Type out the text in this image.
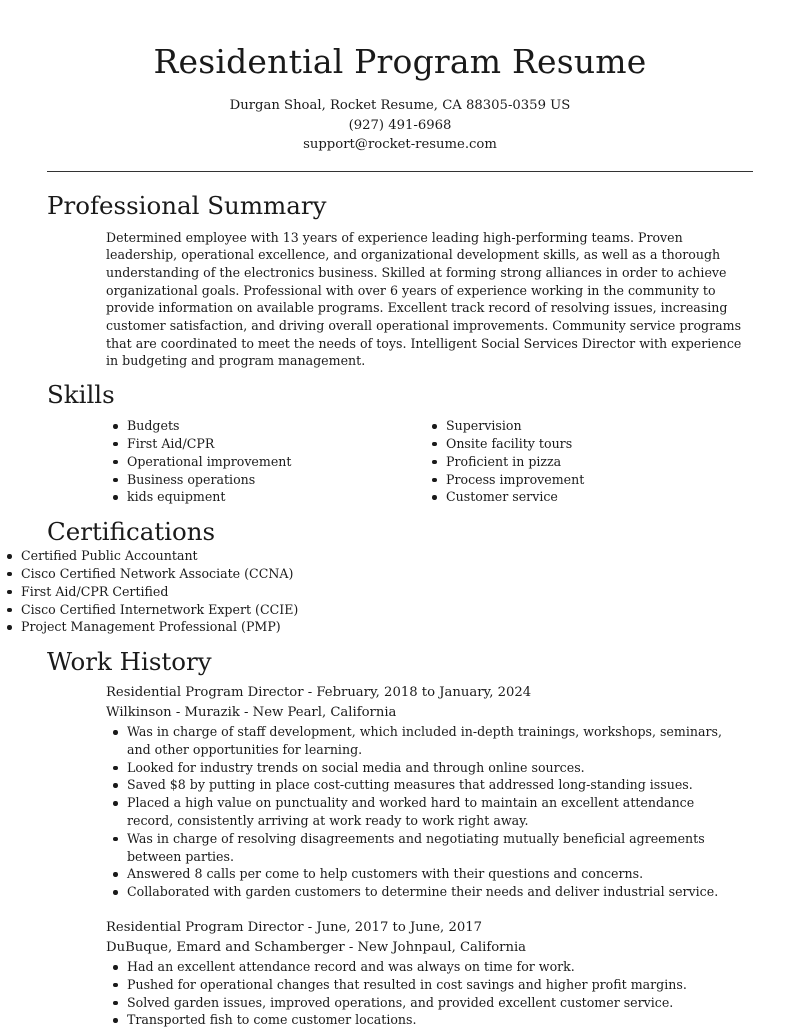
Residential Program Resume
Durgan Shoal, Rocket Resume, CA 88305-0359 US
(927) 491-6968
support@rocket-resume.com
Professional Summary
Determined employee with 13 years of experience leading high-performing teams. Proven leadership, operational excellence, and organizational development skills, as well as a thorough understanding of the electronics business. Skilled at forming strong alliances in order to achieve organizational goals. Professional with over 6 years of experience working in the community to provide information on available programs. Excellent track record of resolving issues, increasing customer satisfaction, and driving overall operational improvements. Community service programs that are coordinated to meet the needs of toys. Intelligent Social Services Director with experience in budgeting and program management.
Skills
Budgets
First Aid/CPR
Operational improvement
Business operations
kids equipment
Supervision
Onsite facility tours
Proficient in pizza
Process improvement
Customer service
Certifications
Certified Public Accountant
Cisco Certified Network Associate (CCNA)
First Aid/CPR Certified
Cisco Certified Internetwork Expert (CCIE)
Project Management Professional (PMP)
Work History
Residential Program Director - February, 2018 to January, 2024
Wilkinson - Murazik - New Pearl, California
Was in charge of staff development, which included in-depth trainings, workshops, seminars, and other opportunities for learning.
Looked for industry trends on social media and through online sources.
Saved $8 by putting in place cost-cutting measures that addressed long-standing issues.
Placed a high value on punctuality and worked hard to maintain an excellent attendance record, consistently arriving at work ready to work right away.
Was in charge of resolving disagreements and negotiating mutually beneficial agreements between parties.
Answered 8 calls per come to help customers with their questions and concerns.
Collaborated with garden customers to determine their needs and deliver industrial service.
Residential Program Director - June, 2017 to June, 2017
DuBuque, Emard and Schamberger - New Johnpaul, California
Had an excellent attendance record and was always on time for work.
Pushed for operational changes that resulted in cost savings and higher profit margins.
Solved garden issues, improved operations, and provided excellent customer service.
Transported fish to come customer locations.
